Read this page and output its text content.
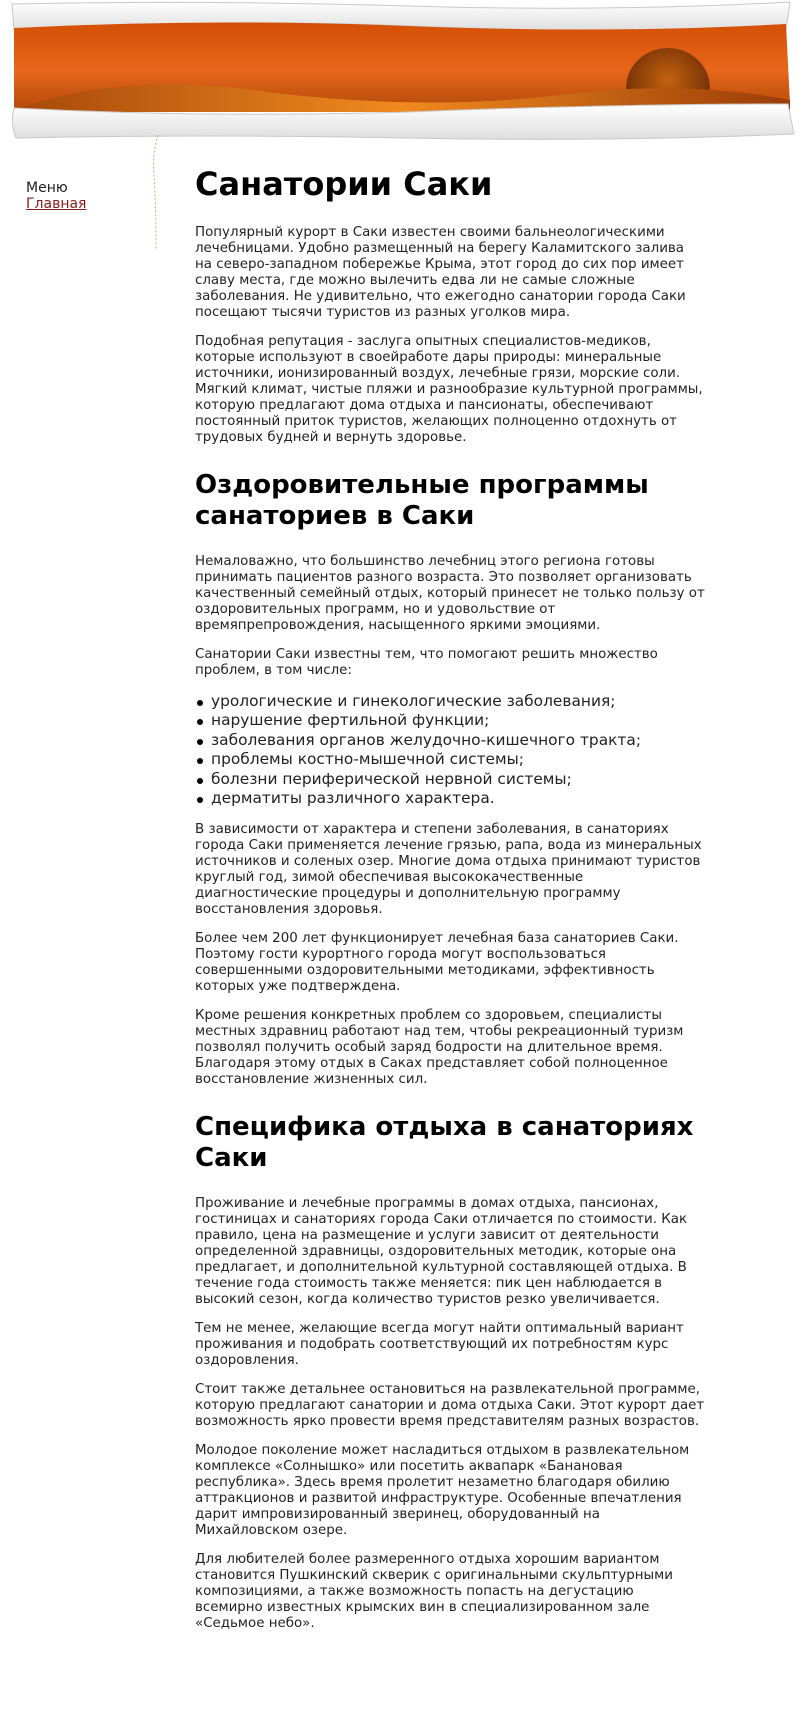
Меню
Главная
Санатории Саки

Популярный курорт в Саки известен своими бальнеологическими лечебницами. Удобно размещенный на берегу Каламитского залива на северо-западном побережье Крыма, этот город до сих пор имеет славу места, где можно вылечить едва ли не самые сложные заболевания. Не удивительно, что ежегодно санатории города Саки посещают тысячи туристов из разных уголков мира.

Подобная репутация - заслуга опытных специалистов-медиков, которые используют в своейработе дары природы: минеральные источники, ионизированный воздух, лечебные грязи, морские соли. Мягкий климат, чистые пляжи и разнообразие культурной программы, которую предлагают дома отдыха и пансионаты, обеспечивают постоянный приток туристов, желающих полноценно отдохнуть от трудовых будней и вернуть здоровье.

Оздоровительные программы санаториев в Саки

Немаловажно, что большинство лечебниц этого региона готовы принимать пациентов разного возраста. Это позволяет организовать качественный семейный отдых, который принесет не только пользу от оздоровительных программ, но и удовольствие от времяпрепровождения, насыщенного яркими эмоциями.

Санатории Саки известны тем, что помогают решить множество проблем, в том числе:

урологические и гинекологические заболевания;
нарушение фертильной функции;
заболевания органов желудочно-кишечного тракта;
проблемы костно-мышечной системы;
болезни периферической нервной системы;
дерматиты различного характера.

В зависимости от характера и степени заболевания, в санаториях города Саки применяется лечение грязью, рапа, вода из минеральных источников и соленых озер. Многие дома отдыха принимают туристов круглый год, зимой обеспечивая высококачественные диагностические процедуры и дополнительную программу восстановления здоровья.

Более чем 200 лет функционирует лечебная база санаториев Саки. Поэтому гости курортного города могут воспользоваться совершенными оздоровительными методиками, эффективность которых уже подтверждена.

Кроме решения конкретных проблем со здоровьем, специалисты местных здравниц работают над тем, чтобы рекреационный туризм позволял получить особый заряд бодрости на длительное время. Благодаря этому отдых в Саках представляет собой полноценное восстановление жизненных сил.

Специфика отдыха в санаториях Саки

Проживание и лечебные программы в домах отдыха, пансионах, гостиницах и санаториях города Саки отличается по стоимости. Как правило, цена на размещение и услуги зависит от деятельности определенной здравницы, оздоровительных методик, которые она предлагает, и дополнительной культурной составляющей отдыха. В течение года стоимость также меняется: пик цен наблюдается в высокий сезон, когда количество туристов резко увеличивается.

Тем не менее, желающие всегда могут найти оптимальный вариант проживания и подобрать соответствующий их потребностям курс оздоровления.

Стоит также детальнее остановиться на развлекательной программе, которую предлагают санатории и дома отдыха Саки. Этот курорт дает возможность ярко провести время представителям разных возрастов.

Молодое поколение может насладиться отдыхом в развлекательном комплексе «Солнышко» или посетить аквапарк «Банановая республика». Здесь время пролетит незаметно благодаря обилию аттракционов и развитой инфраструктуре. Особенные впечатления дарит импровизированный зверинец, оборудованный на Михайловском озере.

Для любителей более размеренного отдыха хорошим вариантом становится Пушкинский скверик с оригинальными скульптурными композициями, а также возможность попасть на дегустацию всемирно известных крымских вин в специализированном зале «Седьмое небо».
